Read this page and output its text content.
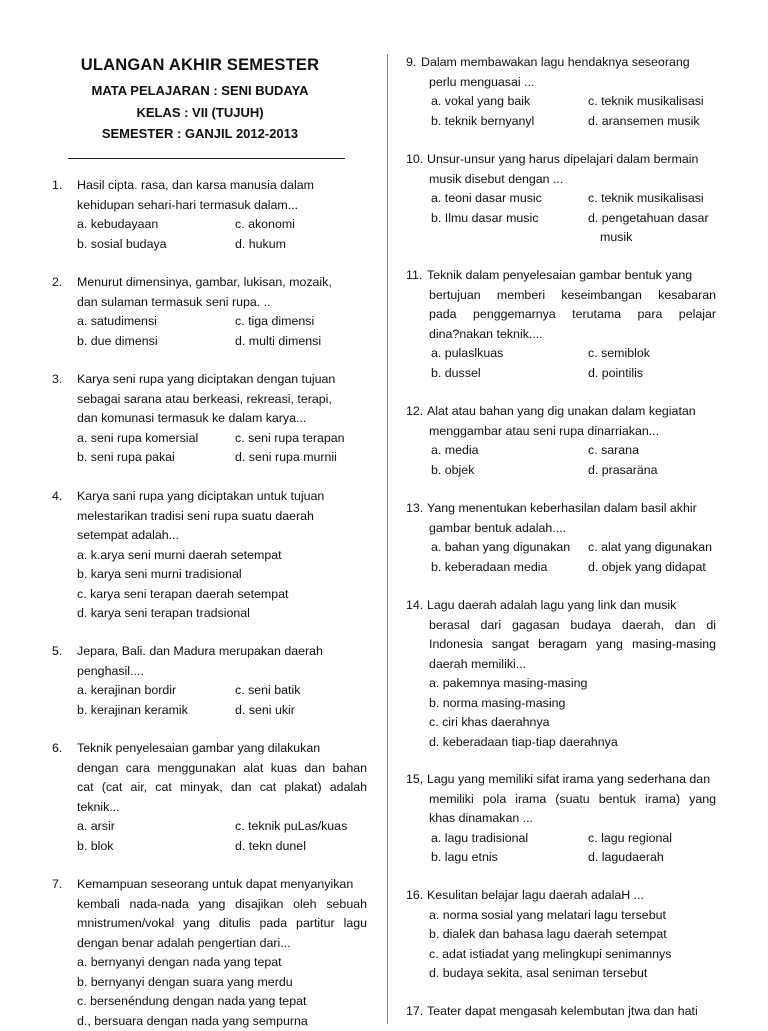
ULANGAN AKHIR SEMESTER
MATA PELAJARAN : SENI BUDAYA
KELAS : VII (TUJUH)
SEMESTER : GANJIL 2012-2013
1.	Hasil cipta. rasa, dan karsa manusia dalam
kehidupan sehari-hari termasuk dalam...
a. kebudayaan	c. akonomi
b. sosial budaya	d. hukum
2.	Menurut dimensinya, gambar, lukisan, mozaik,
dan sulaman termasuk seni rupa. ..
a. satudimensi	c. tiga dimensi
b. due dimensi	d. multi dimensi
3.	Karya seni rupa yang diciptakan dengan tujuan
sebagai sarana atau berkeasi, rekreasi, terapi,
dan komunasi termasuk ke dalam karya...
a. seni rupa komersial	c. seni rupa terapan
b. seni rupa pakai	d. seni rupa murnii
4.	Karya sani rupa yang diciptakan untuk tujuan
melestarikan tradisi seni rupa suatu daerah
setempat adalah...
a. k.arya seni murni daerah setempat
b. karya seni murni tradisional
c. karya seni terapan daerah setempat
d. karya seni terapan tradsional
5.	Jepara, Bali. dan Madura merupakan daerah
penghasil....
a. kerajinan bordir	c. seni batik
b. kerajinan keramik	d. seni ukir
6.	Teknik penyelesaian gambar yang dilakukan
dengan cara menggunakan alat kuas dan bahan
cat (cat air, cat minyak, dan cat plakat) adalah
teknik...
a. arsir	c. teknik puLas/kuas
b. blok	d. tekn dunel
7.	Kemampuan seseorang untuk dapat menyanyikan
kembali nada-nada yang disajikan oleh sebuah
mnistrumen/vokal yang ditulis pada partitur lagu
dengan benar adalah pengertian dari...
a. bernyanyi dengan nada yang tepat
b. bernyanyi dengan suara yang merdu
c. bersenéndung dengan nada yang tepat
d., bersuara dengan nada yang sempurna
9. Dalam membawakan lagu hendaknya seseorang
perlu menguasai ...
a. vokal yang baik	c. teknik musikalisasi
b. teknik bernyanyl	d. aransemen musik
10. Unsur-unsur yang harus dipelajari dalam bermain
musik disebut dengan ...
a. teoni dasar music	c. teknik musikalisasi
b. Ilmu dasar music	d. pengetahuan dasar
musik
11. Teknik dalam penyelesaian gambar bentuk yang
bertujuan memberi keseimbangan kesabaran
pada penggemarnya terutama para pelajar
dina?nakan teknik....
a. pulaslkuas	c. semiblok
b. dussel	d. pointilis
12. Alat atau bahan yang dig unakan dalam kegiatan
menggambar atau seni rupa dinarriakan...
a. media	c. sarana
b. objek	d. prasaräna
13. Yang menentukan keberhasilan dalam basil akhir
gambar bentuk adalah....
a. bahan yang digunakan c. alat yang digunakan
b. keberadaan media	d. objek yang didapat
14. Lagu daerah adalah lagu yang link dan musik
berasal dari gagasan budaya daerah, dan di
Indonesia sangat beragam yang masing-masing
daerah memiliki...
a. pakemnya masing-masing
b. norma masing-masing
c. ciri khas daerahnya
d. keberadaan tiap-tiap daerahnya
15, Lagu yang memiliki sifat irama yang sederhana dan
memiliki pola irama (suatu bentuk irama) yang
khas dinamakan ...
a. lagu tradisional	c. lagu regional
b. lagu etnis	d. lagudaerah
16. Kesulitan belajar lagu daerah adalaH ...
a. norma sosial yang melatari lagu tersebut
b. dialek dan bahasa lagu daerah setempat
c. adat istiadat yang melingkupi senimannys
d. budaya sekita, asal seniman tersebut
17. Teater dapat mengasah kelembutan jtwa dan hati
